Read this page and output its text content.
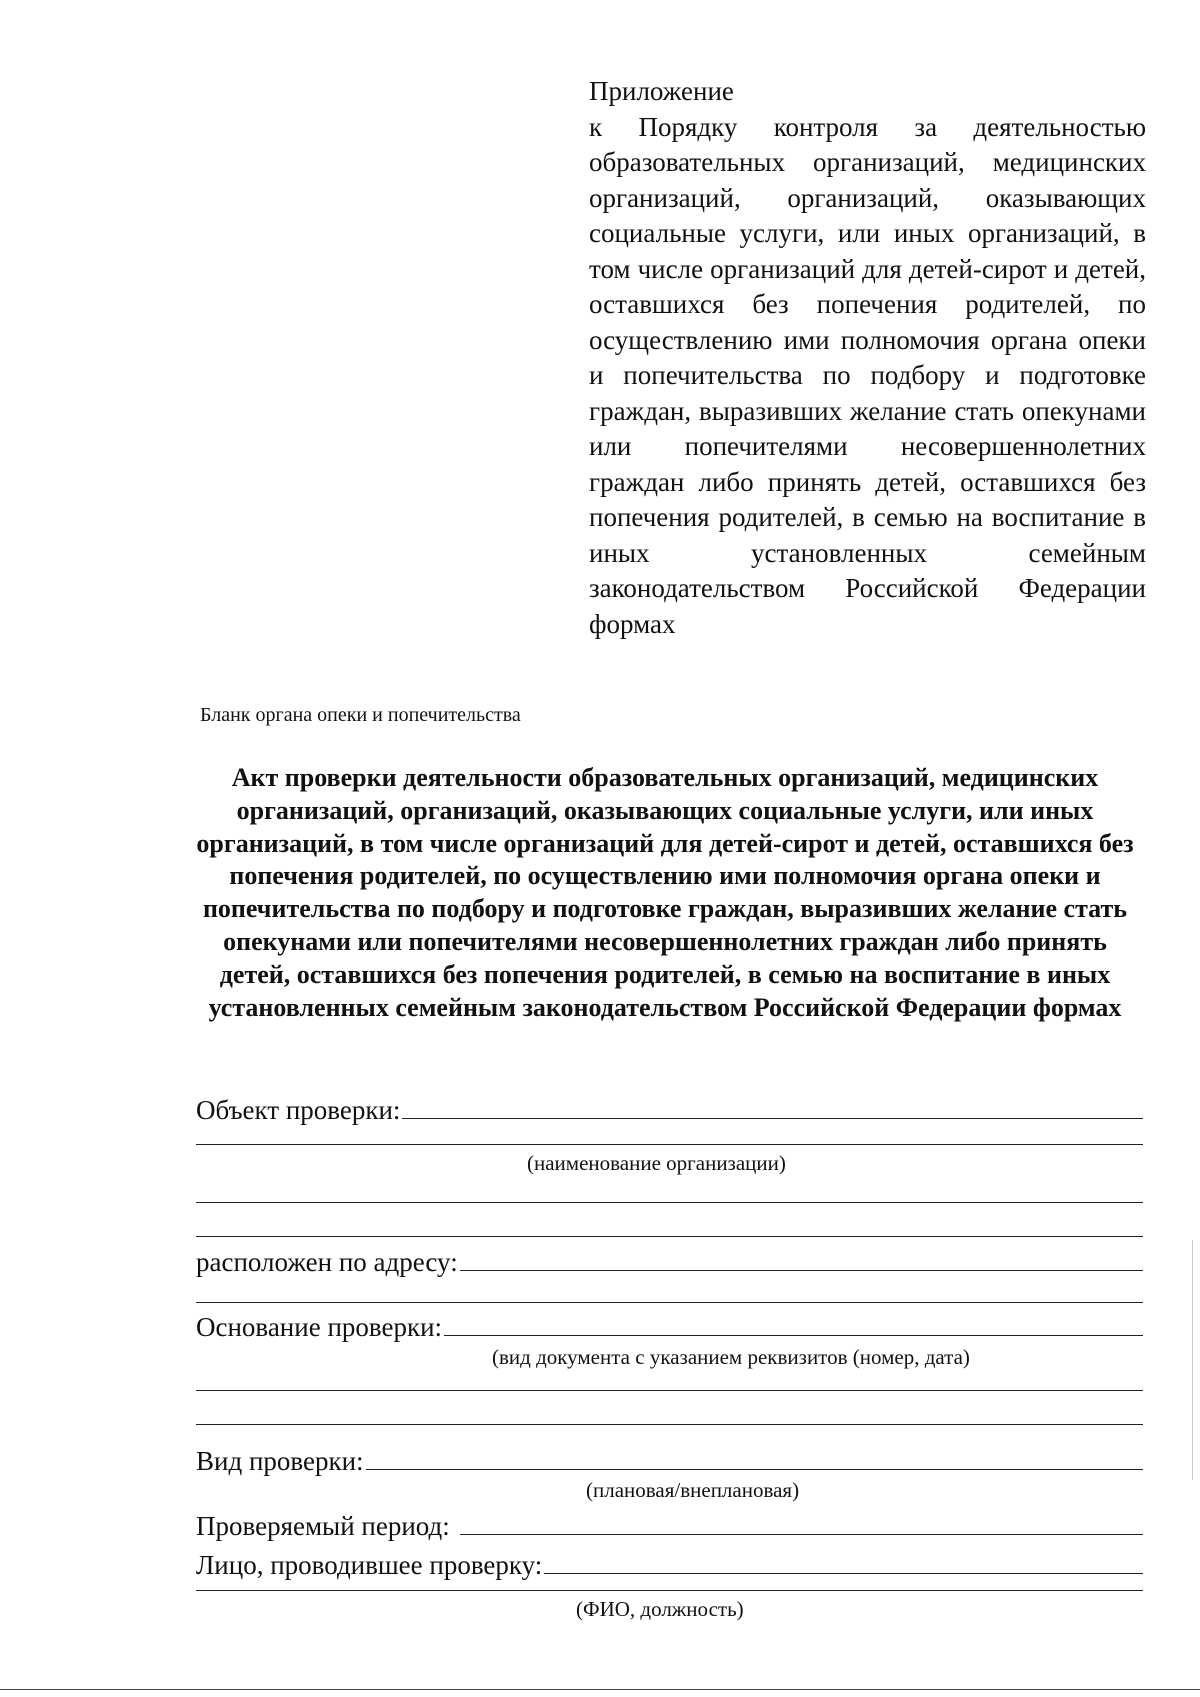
Приложение
к Порядку контроля за деятельностью образовательных организаций, медицинских организаций, организаций, оказывающих социальные услуги, или иных организаций, в том числе организаций для детей-сирот и детей, оставшихся без попечения родителей, по осуществлению ими полномочия органа опеки и попечительства по подбору и подготовке граждан, выразивших желание стать опекунами или попечителями несовершеннолетних граждан либо принять детей, оставшихся без попечения родителей, в семью на воспитание в иных установленных семейным законодательством Российской Федерации формах
Бланк органа опеки и попечительства
Акт проверки деятельности образовательных организаций, медицинских организаций, организаций, оказывающих социальные услуги, или иных организаций, в том числе организаций для детей-сирот и детей, оставшихся без попечения родителей, по осуществлению ими полномочия органа опеки и попечительства по подбору и подготовке граждан, выразивших желание стать опекунами или попечителями несовершеннолетних граждан либо принять детей, оставшихся без попечения родителей, в семью на воспитание в иных установленных семейным законодательством Российской Федерации формах
Объект проверки:
(наименование организации)
расположен по адресу:
Основание проверки:
(вид документа с указанием реквизитов (номер, дата)
Вид проверки:
(плановая/внеплановая)
Проверяемый период:
Лицо, проводившее проверку:
(ФИО, должность)
